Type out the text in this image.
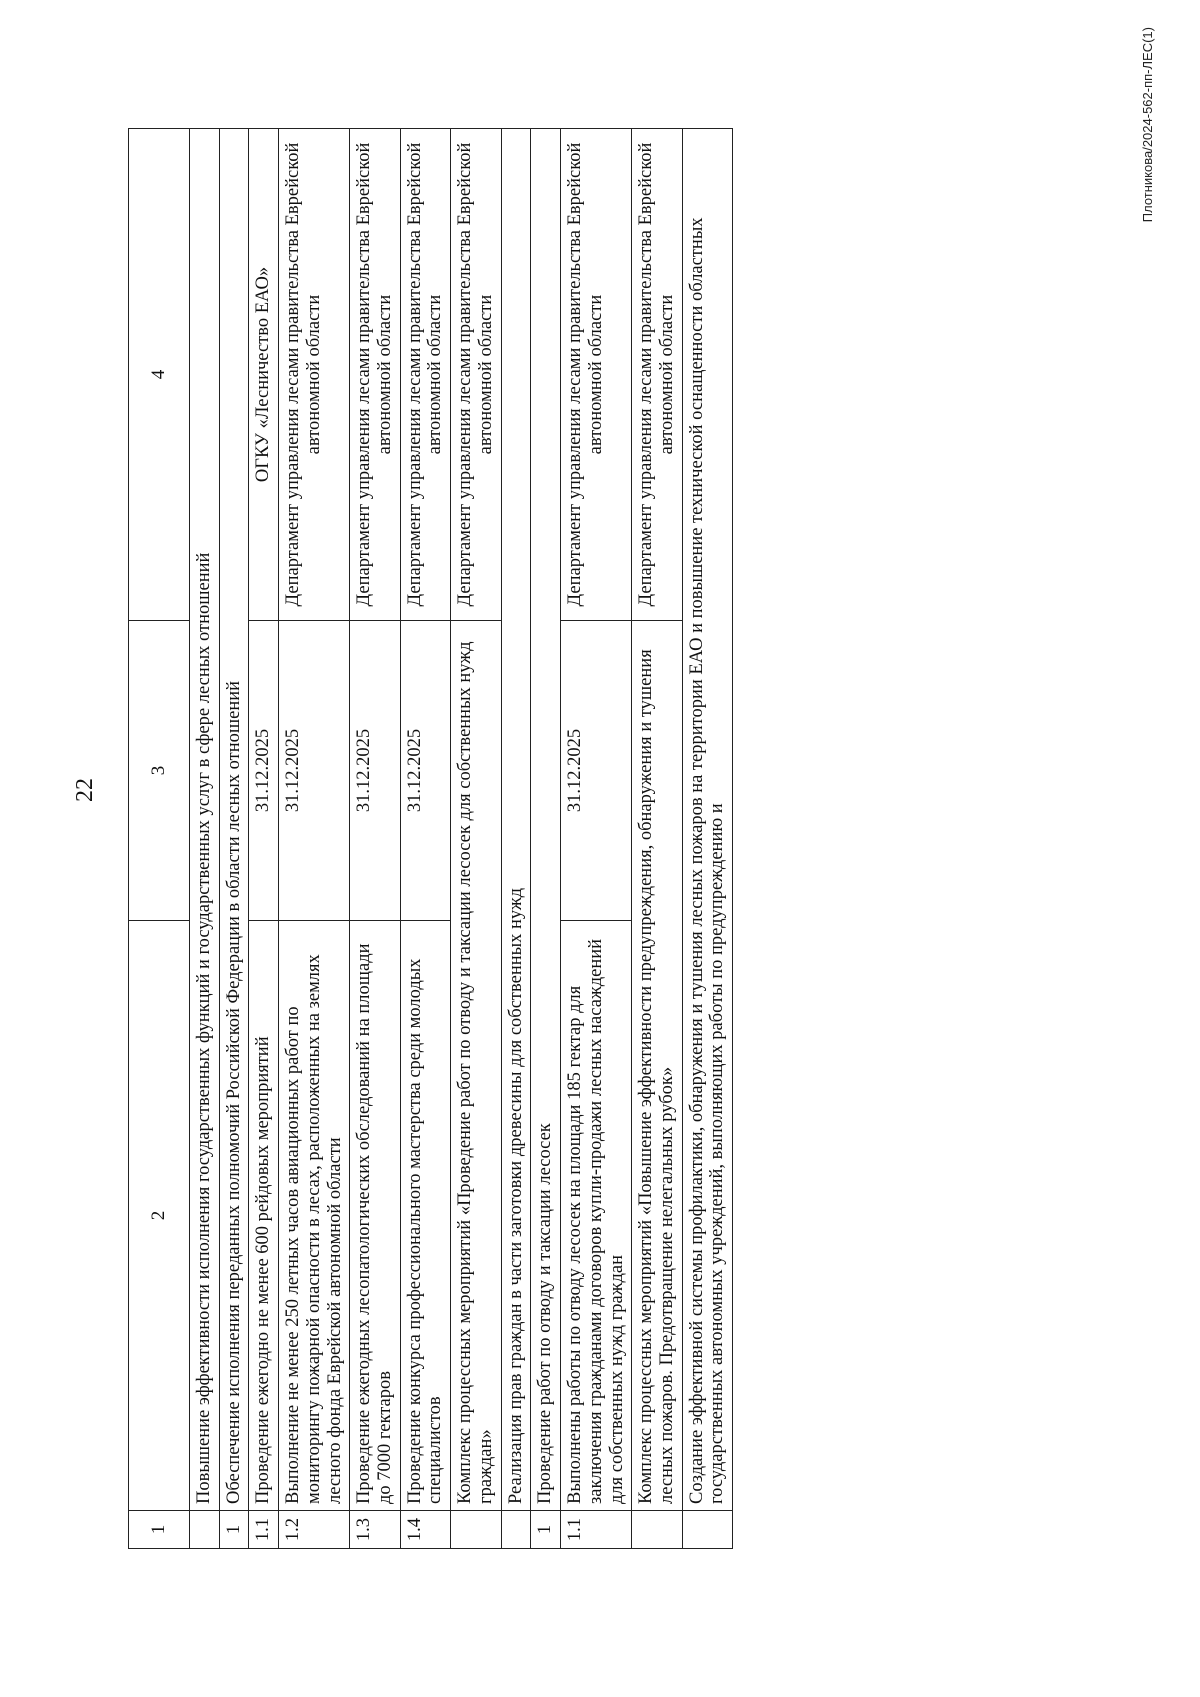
22
1	2	3	4
	Повышение эффективности исполнения государственных функций и государственных услуг в сфере лесных отношений		
1	Обеспечение исполнения переданных полномочий Российской Федерации в области лесных отношений		
1.1	Проведение ежегодно не менее 600 рейдовых мероприятий	31.12.2025	ОГКУ «Лесничество ЕАО»
1.2	Выполнение не менее 250 летных часов авиационных работ по мониторингу пожарной опасности в лесах, расположенных на землях лесного фонда Еврейской автономной области	31.12.2025	Департамент управления лесами правительства Еврейской автономной области
1.3	Проведение ежегодных лесопатологических обследований на площади до 7000 гектаров	31.12.2025	Департамент управления лесами правительства Еврейской автономной области
1.4	Проведение конкурса профессионального мастерства среди молодых специалистов	31.12.2025	Департамент управления лесами правительства Еврейской автономной области
	Комплекс процессных мероприятий «Проведение работ по отводу и таксации лесосек для собственных нужд граждан»		Департамент управления лесами правительства Еврейской автономной области
	Реализация прав граждан в части заготовки древесины для собственных нужд		
1	Проведение работ по отводу и таксации лесосек		
1.1	Выполнены работы по отводу лесосек на площади 185 гектар для заключения гражданами договоров купли-продажи лесных насаждений для собственных нужд граждан	31.12.2025	Департамент управления лесами правительства Еврейской автономной области
	Комплекс процессных мероприятий «Повышение эффективности предупреждения, обнаружения и тушения лесных пожаров. Предотвращение нелегальных рубок»		Департамент управления лесами правительства Еврейской автономной области
	Создание эффективной системы профилактики, обнаружения и тушения лесных пожаров на территории ЕАО и повышение технической оснащенности областных государственных автономных учреждений, выполняющих работы по предупреждению и		
Плотникова/2024-562-пп-ЛЕС(1)
